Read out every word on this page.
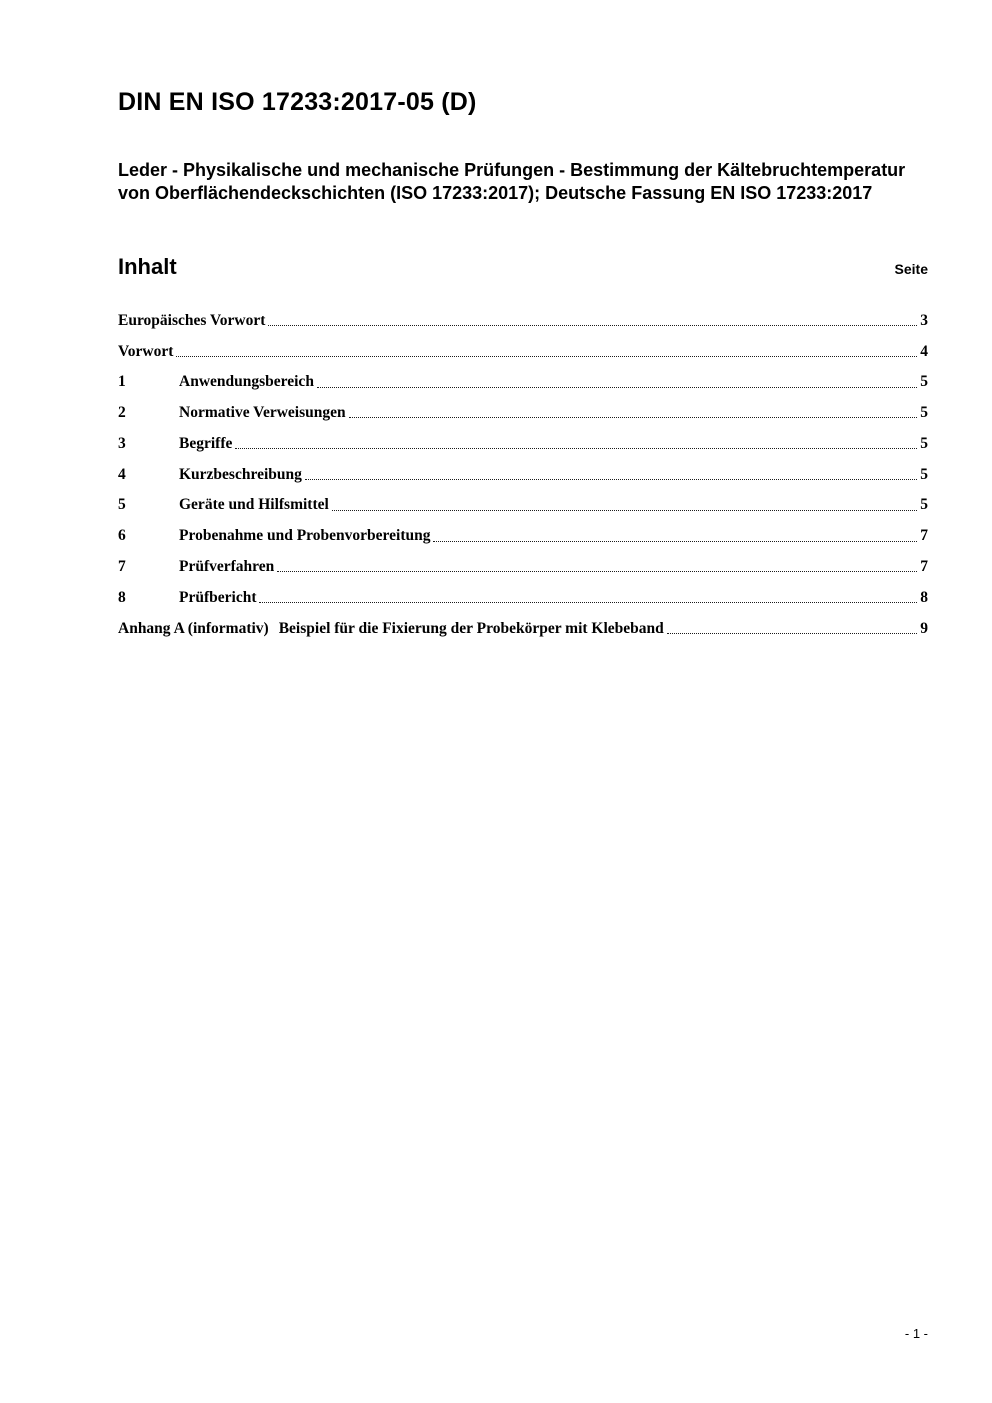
DIN EN ISO 17233:2017-05 (D)
Leder - Physikalische und mechanische Prüfungen - Bestimmung der Kältebruchtemperatur von Oberflächendeckschichten (ISO 17233:2017); Deutsche Fassung EN ISO 17233:2017
Inhalt	Seite
Europäisches Vorwort	3
Vorwort	4
1	Anwendungsbereich	5
2	Normative Verweisungen	5
3	Begriffe	5
4	Kurzbeschreibung	5
5	Geräte und Hilfsmittel	5
6	Probenahme und Probenvorbereitung	7
7	Prüfverfahren	7
8	Prüfbericht	8
Anhang A (informativ) Beispiel für die Fixierung der Probekörper mit Klebeband	9
- 1 -
